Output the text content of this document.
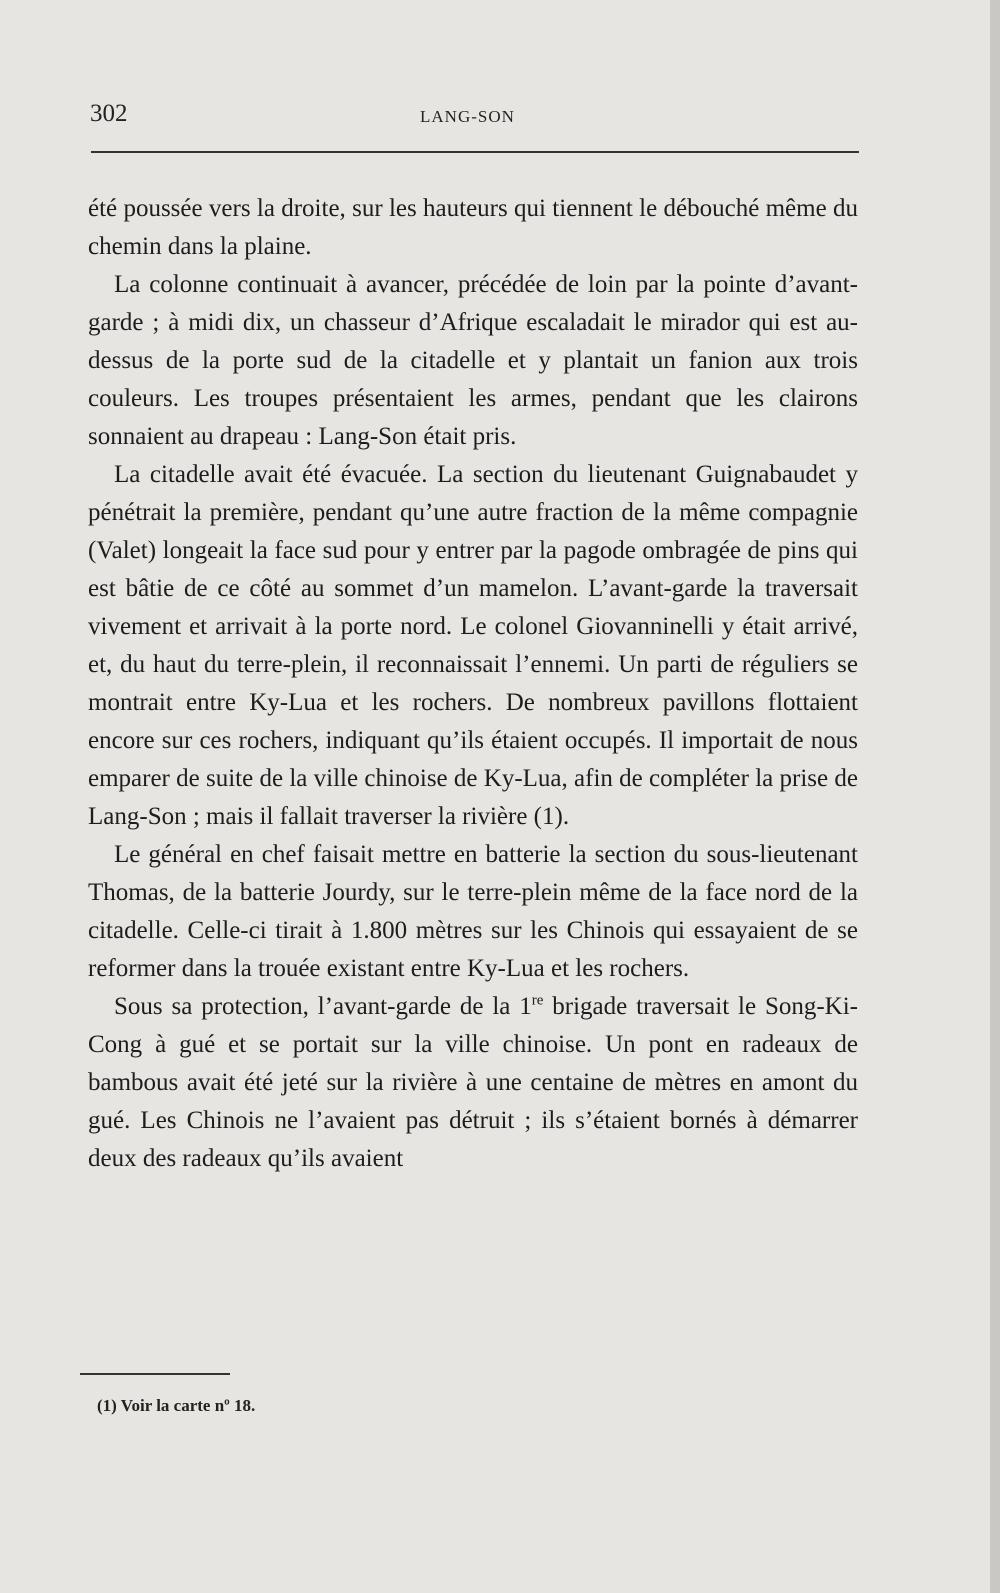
302	LANG-SON

été poussée vers la droite, sur les hauteurs qui tiennent le débouché même du chemin dans la plaine.

La colonne continuait à avancer, précédée de loin par la pointe d’avant-garde ; à midi dix, un chasseur d’Afrique escaladait le mirador qui est au-dessus de la porte sud de la citadelle et y plantait un fanion aux trois couleurs. Les troupes présentaient les armes, pendant que les clairons sonnaient au drapeau : Lang-Son était pris.

La citadelle avait été évacuée. La section du lieutenant Guignabaudet y pénétrait la première, pendant qu’une autre fraction de la même compagnie (Valet) longeait la face sud pour y entrer par la pagode ombragée de pins qui est bâtie de ce côté au sommet d’un mamelon. L’avant-garde la traversait vivement et arrivait à la porte nord. Le colonel Giovanninelli y était arrivé, et, du haut du terre-plein, il reconnaissait l’ennemi. Un parti de réguliers se montrait entre Ky-Lua et les rochers. De nombreux pavillons flottaient encore sur ces rochers, indiquant qu’ils étaient occupés. Il importait de nous emparer de suite de la ville chinoise de Ky-Lua, afin de compléter la prise de Lang-Son ; mais il fallait traverser la rivière (1).

Le général en chef faisait mettre en batterie la section du sous-lieutenant Thomas, de la batterie Jourdy, sur le terre-plein même de la face nord de la citadelle. Celle-ci tirait à 1.800 mètres sur les Chinois qui essayaient de se reformer dans la trouée existant entre Ky-Lua et les rochers.

Sous sa protection, l’avant-garde de la 1re brigade traversait le Song-Ki-Cong à gué et se portait sur la ville chinoise. Un pont en radeaux de bambous avait été jeté sur la rivière à une centaine de mètres en amont du gué. Les Chinois ne l’avaient pas détruit ; ils s’étaient bornés à démarrer deux des radeaux qu’ils avaient

(1) Voir la carte nº 18.
